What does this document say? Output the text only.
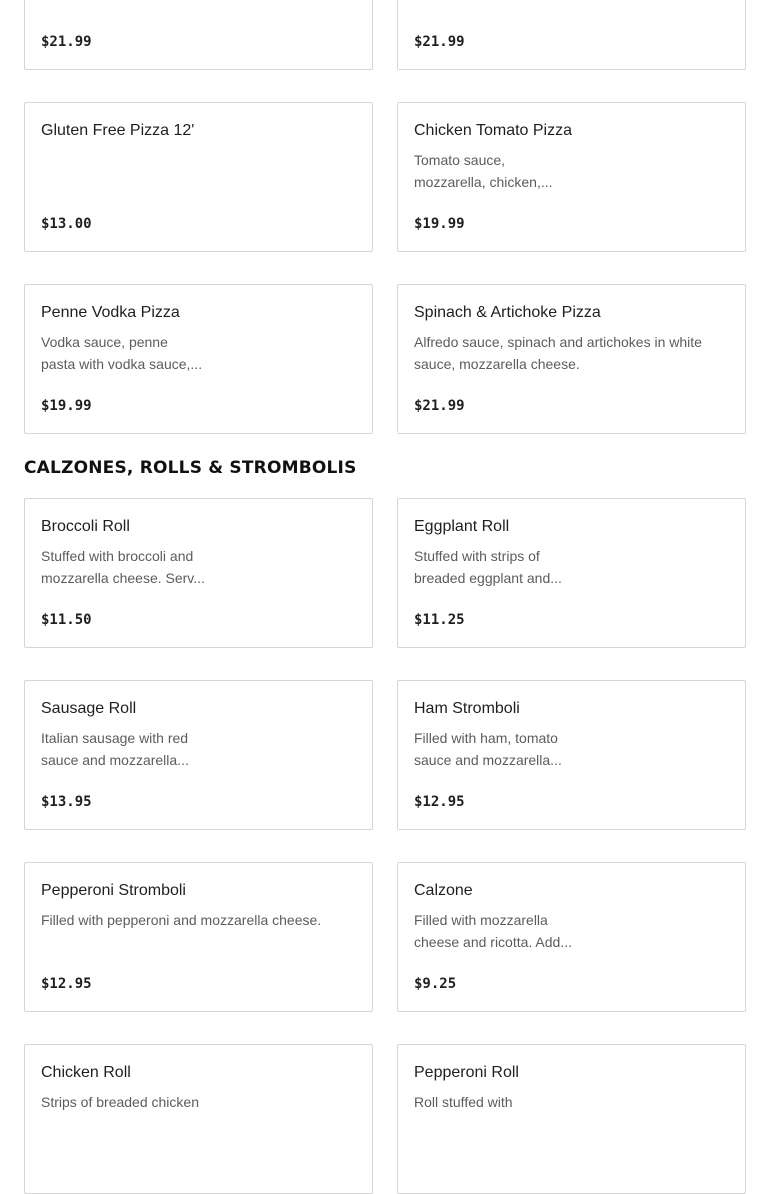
$21.99	$21.99
Gluten Free Pizza 12'
$13.00
Chicken Tomato Pizza
Tomato sauce,
mozzarella, chicken,...
$19.99
Penne Vodka Pizza
Vodka sauce, penne
pasta with vodka sauce,...
$19.99
Spinach & Artichoke Pizza
Alfredo sauce, spinach and artichokes in white sauce, mozzarella cheese.
$21.99
CALZONES, ROLLS & STROMBOLIS
Broccoli Roll
Stuffed with broccoli and
mozzarella cheese. Serv...
$11.50
Eggplant Roll
Stuffed with strips of
breaded eggplant and...
$11.25
Sausage Roll
Italian sausage with red
sauce and mozzarella...
$13.95
Ham Stromboli
Filled with ham, tomato
sauce and mozzarella...
$12.95
Pepperoni Stromboli
Filled with pepperoni and mozzarella cheese.
$12.95
Calzone
Filled with mozzarella
cheese and ricotta. Add...
$9.25
Chicken Roll
Strips of breaded chicken
Pepperoni Roll
Roll stuffed with
